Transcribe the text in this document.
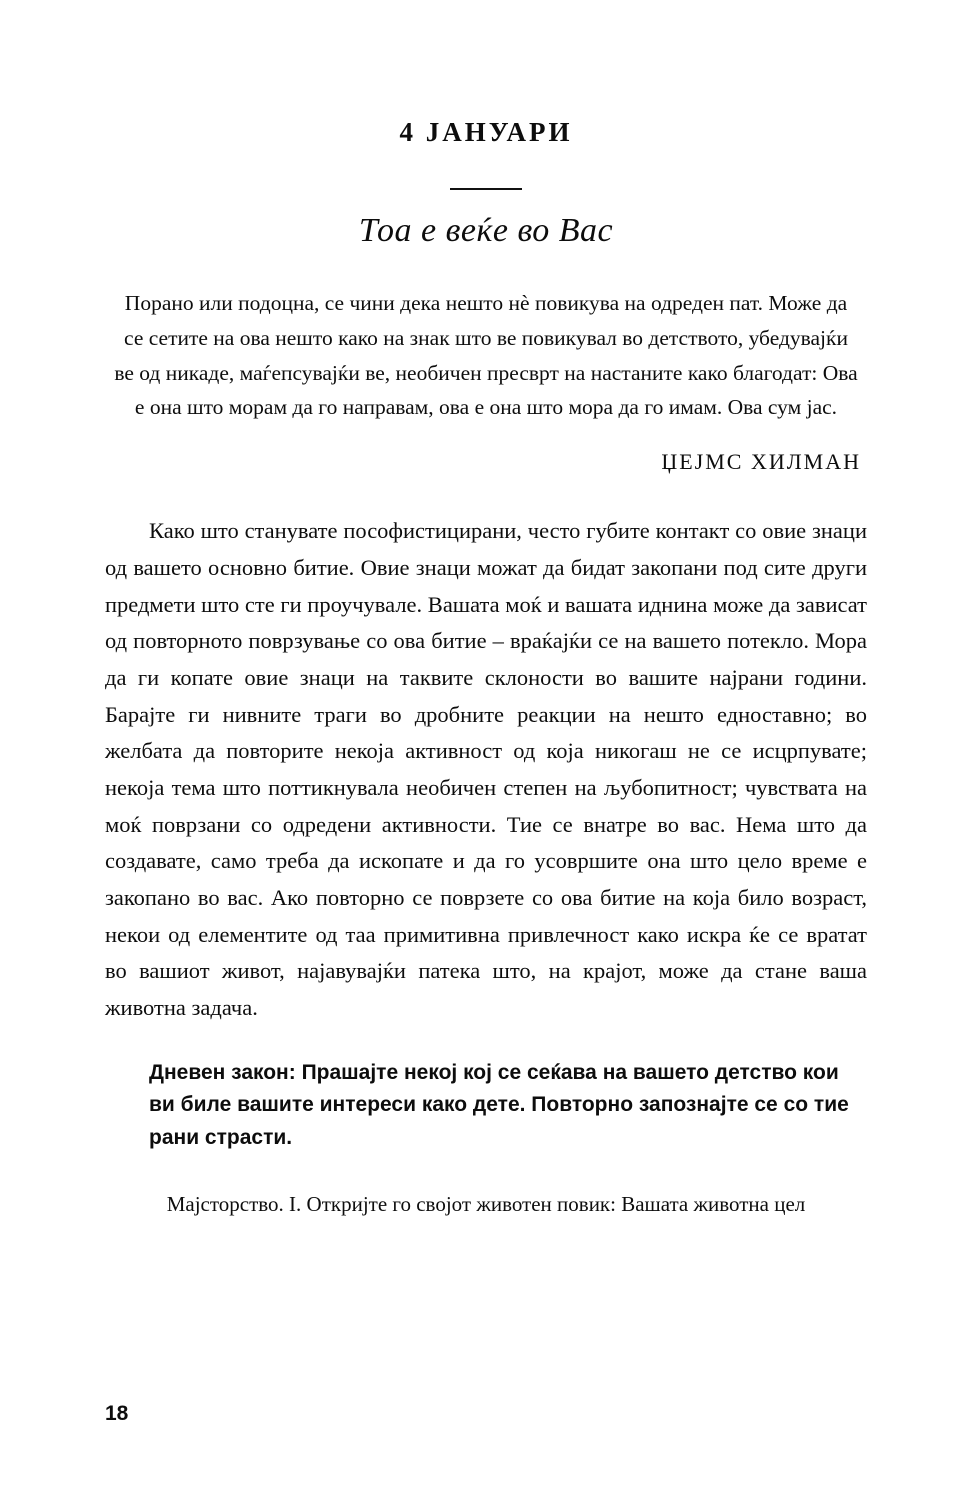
4 ЈАНУАРИ
Тоа е веќе во Вас

Порано или подоцна, се чини дека нешто нè повикува на одреден пат. Може да се сетите на ова нешто како на знак што ве повикувал во детството, убедувајќи ве од никаде, маѓепсувајќи ве, необичен пресврт на настаните како благодат: Ова е она што морам да го направам, ова е она што мора да го имам. Ова сум јас.

ЏЕЈМС ХИЛМАН

Како што станувате пософистицирани, често губите контакт со овие знаци од вашето основно битие. Овие знаци можат да бидат закопани под сите други предмети што сте ги проучувале. Вашата моќ и вашата иднина може да зависат од повторното поврзување со ова битие – враќајќи се на вашето потекло. Мора да ги копате овие знаци на таквите склоности во вашите најрани години. Барајте ги нивните траги во дробните реакции на нешто едноставно; во желбата да повторите некоја активност од која никогаш не се исцрпувате; некоја тема што поттикнувала необичен степен на љубопитност; чувствата на моќ поврзани со одредени активности. Тие се внатре во вас. Нема што да создавате, само треба да ископате и да го усовршите она што цело време е закопано во вас. Ако повторно се поврзете со ова битие на која било возраст, некои од елементите од таа примитивна привлечност како искра ќе се вратат во вашиот живот, најавувајќи патека што, на крајот, може да стане ваша животна задача.

Дневен закон: Прашајте некој кој се сеќава на вашето детство кои ви биле вашите интереси како дете. Повторно запознајте се со тие рани страсти.

Мајсторство. I. Откријте го својот животен повик: Вашата животна цел

18
